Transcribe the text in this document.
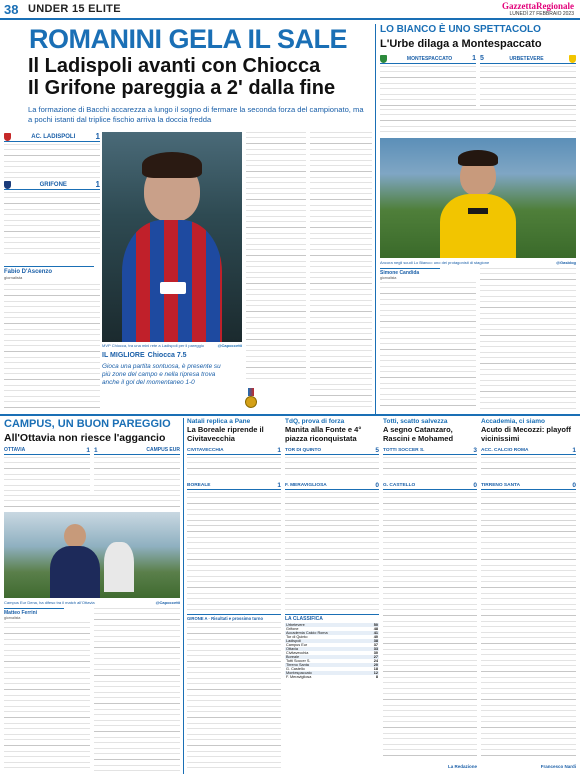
38 UNDER 15 ELITE	GazzettaRegionale
LUNEDÌ 27 FEBBRAIO 2023
ROMANINI GELA IL SALE
Il Ladispoli avanti con Chiocca
Il Grifone pareggia a 2' dalla fine
La formazione di Bacchi accarezza a lungo il sogno di fermare la seconda forza del campionato, ma a pochi istanti dal triplice fischio arriva la doccia fredda
AC. LADISPOLI	1
GRIFONE	1
Fabio D'Ascenzo
giornalista
MVP Chiocca, tra una mini rete a Ladispoli per il pareggio	@Capoccetti
IL MIGLIORE Chiocca 7.5
Gioca una partita sontuosa, è presente su più zone del campo e nella ripresa trova anche il gol del momentaneo 1-0
LO BIANCO È UNO SPETTACOLO
L'Urbe dilaga a Montespaccato
MONTESPACCATO	1 5	URBETEVERE
Ancora negli scudi Lo Bianco: uno dei protagonisti di stagione	@Gasblog
Simone Candida
giornalista
CAMPUS, UN BUON PAREGGIO
All'Ottavia non riesce l'aggancio
OTTAVIA	1 1	CAMPUS EUR
Campus Eur Dena, ha difeso tra il match all'Ottavia	@Capoccetti
Matteo Ferrini
giornalista
Natali replica a Pane
La Boreale riprende il Civitavecchia
CIVITAVECCHIA	1
BOREALE	1
TdQ, prova di forza
Manita alla Fonte e 4° piazza riconquistata
TOR DI QUINTO	5
F. MERAVIGLIOSA	0
Totti, scatto salvezza
A segno Catanzaro, Rascini e Mohamed
TOTTI SOCCER S.	3
G. CASTELLO	0
Accademia, ci siamo
Acuto di Mecozzi: playoff vicinissimi
ACC. CALCIO ROMA	1
TIRRENO SANTA	0
GIRONE A · Risultati e prossimo turno	LA CLASSIFICA
Urbetevere	50
Grifone	48
Accademia Calcio Roma	41
Tor di Quinto	40
Ladispoli	38
Campus Eur	37
Ottavia	33
Civitavecchia	30
Boreale	27
Totti Soccer S.	24
Tirreno Santa	20
G. Castello	18
Montespaccato	12
F. Meravigliosa	8
La Redazione	Francesco Nardi
